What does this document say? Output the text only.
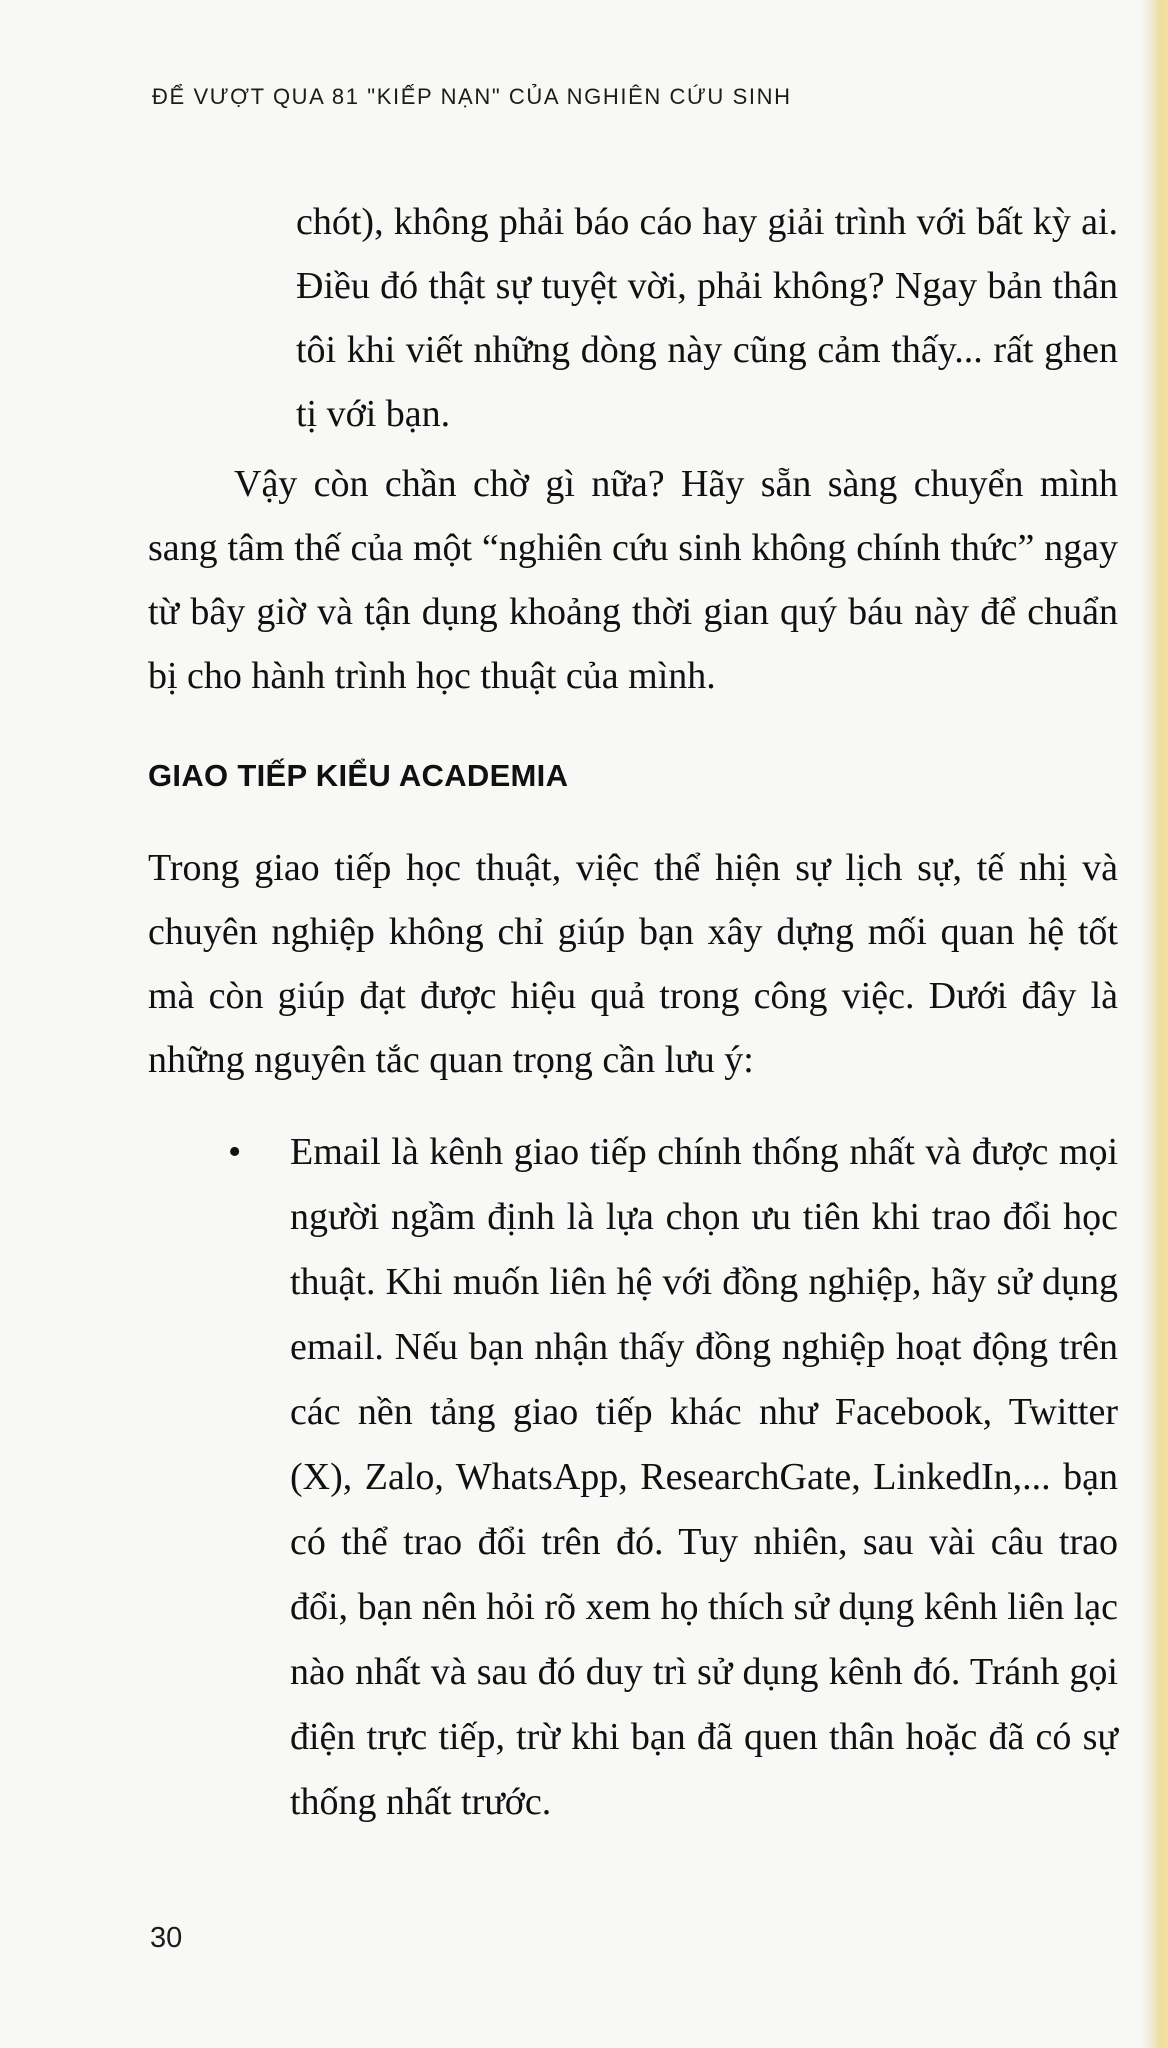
ĐỂ VƯỢT QUA 81 "KIẾP NẠN" CỦA NGHIÊN CỨU SINH

chót), không phải báo cáo hay giải trình với bất kỳ ai. Điều đó thật sự tuyệt vời, phải không? Ngay bản thân tôi khi viết những dòng này cũng cảm thấy... rất ghen tị với bạn.

Vậy còn chần chờ gì nữa? Hãy sẵn sàng chuyển mình sang tâm thế của một “nghiên cứu sinh không chính thức” ngay từ bây giờ và tận dụng khoảng thời gian quý báu này để chuẩn bị cho hành trình học thuật của mình.

GIAO TIẾP KIỂU ACADEMIA

Trong giao tiếp học thuật, việc thể hiện sự lịch sự, tế nhị và chuyên nghiệp không chỉ giúp bạn xây dựng mối quan hệ tốt mà còn giúp đạt được hiệu quả trong công việc. Dưới đây là những nguyên tắc quan trọng cần lưu ý:

• Email là kênh giao tiếp chính thống nhất và được mọi người ngầm định là lựa chọn ưu tiên khi trao đổi học thuật. Khi muốn liên hệ với đồng nghiệp, hãy sử dụng email. Nếu bạn nhận thấy đồng nghiệp hoạt động trên các nền tảng giao tiếp khác như Facebook, Twitter (X), Zalo, WhatsApp, ResearchGate, LinkedIn,... bạn có thể trao đổi trên đó. Tuy nhiên, sau vài câu trao đổi, bạn nên hỏi rõ xem họ thích sử dụng kênh liên lạc nào nhất và sau đó duy trì sử dụng kênh đó. Tránh gọi điện trực tiếp, trừ khi bạn đã quen thân hoặc đã có sự thống nhất trước.
30
